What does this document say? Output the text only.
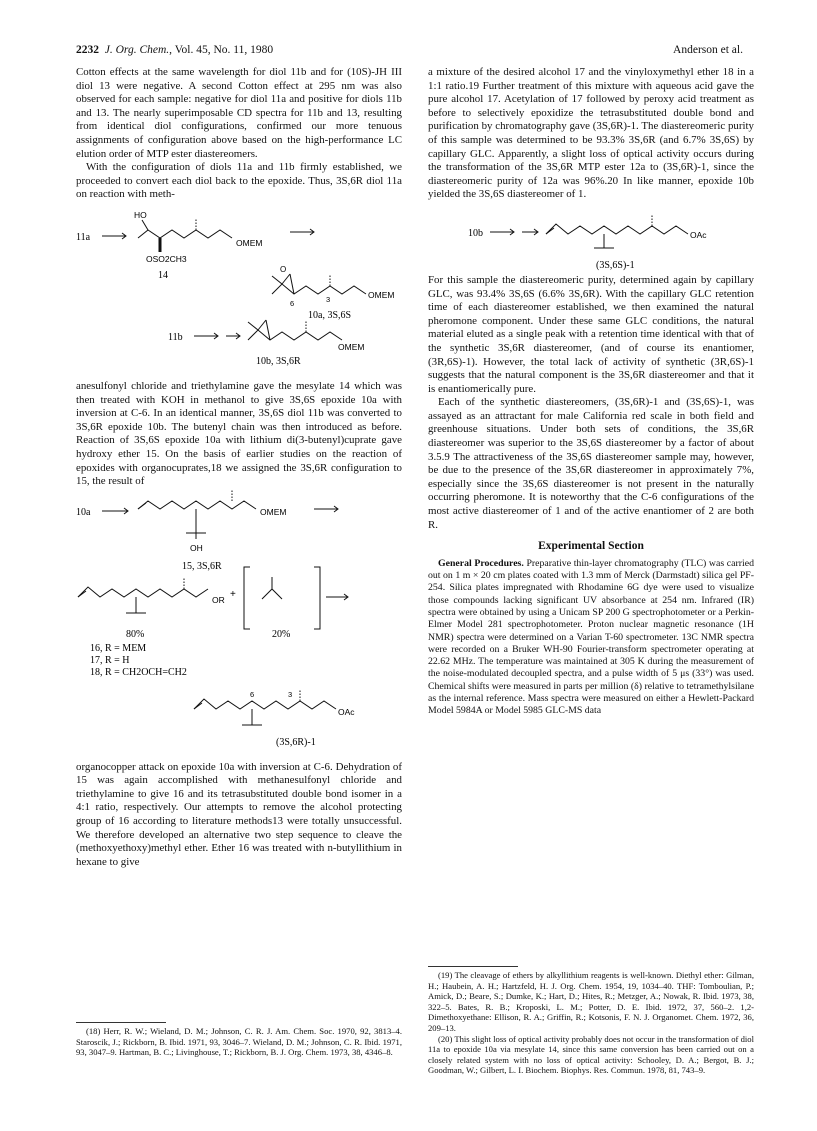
2232 J. Org. Chem., Vol. 45, No. 11, 1980	Anderson et al.

Cotton effects at the same wavelength for diol 11b and for (10S)-JH III diol 13 were negative. A second Cotton effect at 295 nm was also observed for each sample: negative for diol 11a and positive for diols 11b and 13. The nearly superimposable CD spectra for 11b and 13, resulting from identical diol configurations, confirmed our more tenuous assignments of configuration above based on the high-performance LC elution order of MTP ester diastereomers.

With the configuration of diols 11a and 11b firmly established, we proceeded to convert each diol back to the epoxide. Thus, 3S,6R diol 11a on reaction with meth-

11a
HO
OMEM
OSO2CH3
14
O
6	3	OMEM
10a, 3S,6S
11b
OMEM
10b, 3S,6R

anesulfonyl chloride and triethylamine gave the mesylate 14 which was then treated with KOH in methanol to give 3S,6S epoxide 10a with inversion at C-6. In an identical manner, 3S,6S diol 11b was converted to 3S,6R epoxide 10b. The butenyl chain was then introduced as before. Reaction of 3S,6S epoxide 10a with lithium di(3-butenyl)cuprate gave hydroxy ether 15. On the basis of earlier studies on the reaction of epoxides with organocuprates,18 we assigned the 3S,6R configuration to 15, the result of

10a	OMEM
OH
15, 3S,6R
OR +
80%	20%
16, R = MEM
17, R = H
18, R = CH2OCH=CH2
6	3
OAc
(3S,6R)-1

organocopper attack on epoxide 10a with inversion at C-6. Dehydration of 15 was again accomplished with methanesulfonyl chloride and triethylamine to give 16 and its tetrasubstituted double bond isomer in a 4:1 ratio, respectively. Our attempts to remove the alcohol protecting group of 16 according to literature methods13 were totally unsuccessful. We therefore developed an alternative two step sequence to cleave the (methoxyethoxy)methyl ether. Ether 16 was treated with n-butyllithium in hexane to give

(18) Herr, R. W.; Wieland, D. M.; Johnson, C. R. J. Am. Chem. Soc. 1970, 92, 3813–4. Staroscik, J.; Rickborn, B. Ibid. 1971, 93, 3046–7. Wieland, D. M.; Johnson, C. R. Ibid. 1971, 93, 3047–9. Hartman, B. C.; Livinghouse, T.; Rickborn, B. J. Org. Chem. 1973, 38, 4346–8.

a mixture of the desired alcohol 17 and the vinyloxymethyl ether 18 in a 1:1 ratio.19 Further treatment of this mixture with aqueous acid gave the pure alcohol 17. Acetylation of 17 followed by peroxy acid treatment as before to selectively epoxidize the tetrasubstituted double bond and purification by chromatography gave (3S,6R)-1. The diastereomeric purity of this sample was determined to be 93.3% 3S,6R (and 6.7% 3S,6S) by capillary GLC. Apparently, a slight loss of optical activity occurs during the transformation of the 3S,6R MTP ester 12a to (3S,6R)-1, since the diastereomeric purity of 12a was 96%.20 In like manner, epoxide 10b yielded the 3S,6S diastereomer of 1.

10b	OAc
(3S,6S)-1

For this sample the diastereomeric purity, determined again by capillary GLC, was 93.4% 3S,6S (6.6% 3S,6R). With the capillary GLC retention time of each diastereomer established, we then examined the natural pheromone component. Under these same GLC conditions, the natural material eluted as a single peak with a retention time identical with that of the synthetic 3S,6R diastereomer, (and of course its enantiomer, (3R,6S)-1). However, the total lack of activity of synthetic (3R,6S)-1 suggests that the natural component is the 3S,6R diastereomer and that it is enantiomerically pure.

Each of the synthetic diastereomers, (3S,6R)-1 and (3S,6S)-1, was assayed as an attractant for male California red scale in both field and greenhouse situations. Under both sets of conditions, the 3S,6R diastereomer was superior to the 3S,6S diastereomer by a factor of about 3.5.9 The attractiveness of the 3S,6S diastereomer sample may, however, be due to the presence of the 3S,6R diastereomer in approximately 7%, especially since the 3S,6S diastereomer is not present in the naturally occurring pheromone. It is noteworthy that the C-6 configurations of the most active diastereomer of 1 and of the active enantiomer of 2 are both R.

Experimental Section

General Procedures. Preparative thin-layer chromatography (TLC) was carried out on 1 m × 20 cm plates coated with 1.3 mm of Merck (Darmstadt) silica gel PF-254. Silica plates impregnated with Rhodamine 6G dye were used to visualize those compounds lacking significant UV absorbance at 254 nm. Infrared (IR) spectra were obtained by using a Unicam SP 200 G spectrophotometer or a Perkin-Elmer Model 281 spectrophotometer. Proton nuclear magnetic resonance (1H NMR) spectra were determined on a Varian T-60 spectrometer. 13C NMR spectra were recorded on a Bruker WH-90 Fourier-transform spectrometer operating at 22.62 MHz. The temperature was maintained at 305 K during the measurement of the noise-modulated decoupled spectra, and a pulse width of 5 μs (33°) was used. Chemical shifts were measured in parts per million (δ) relative to tetramethylsilane as the internal reference. Mass spectra were measured on either a Hewlett-Packard Model 5984A or Model 5985 GLC-MS data

(19) The cleavage of ethers by alkyllithium reagents is well-known. Diethyl ether: Gilman, H.; Haubein, A. H.; Hartzfeld, H. J. Org. Chem. 1954, 19, 1034–40. THF: Tomboulian, P.; Amick, D.; Beare, S.; Dumke, K.; Hart, D.; Hites, R.; Metzger, A.; Nowak, R. Ibid. 1973, 38, 322–5. Bates, R. B.; Kroposki, L. M.; Potter, D. E. Ibid. 1972, 37, 560–2. 1,2-Dimethoxyethane: Ellison, R. A.; Griffin, R.; Kotsonis, F. N. J. Organomet. Chem. 1972, 36, 209–13.

(20) This slight loss of optical activity probably does not occur in the transformation of diol 11a to epoxide 10a via mesylate 14, since this same conversion has been carried out on a closely related system with no loss of optical activity: Schooley, D. A.; Bergot, B. J.; Goodman, W.; Gilbert, L. I. Biochem. Biophys. Res. Commun. 1978, 81, 743–9.
